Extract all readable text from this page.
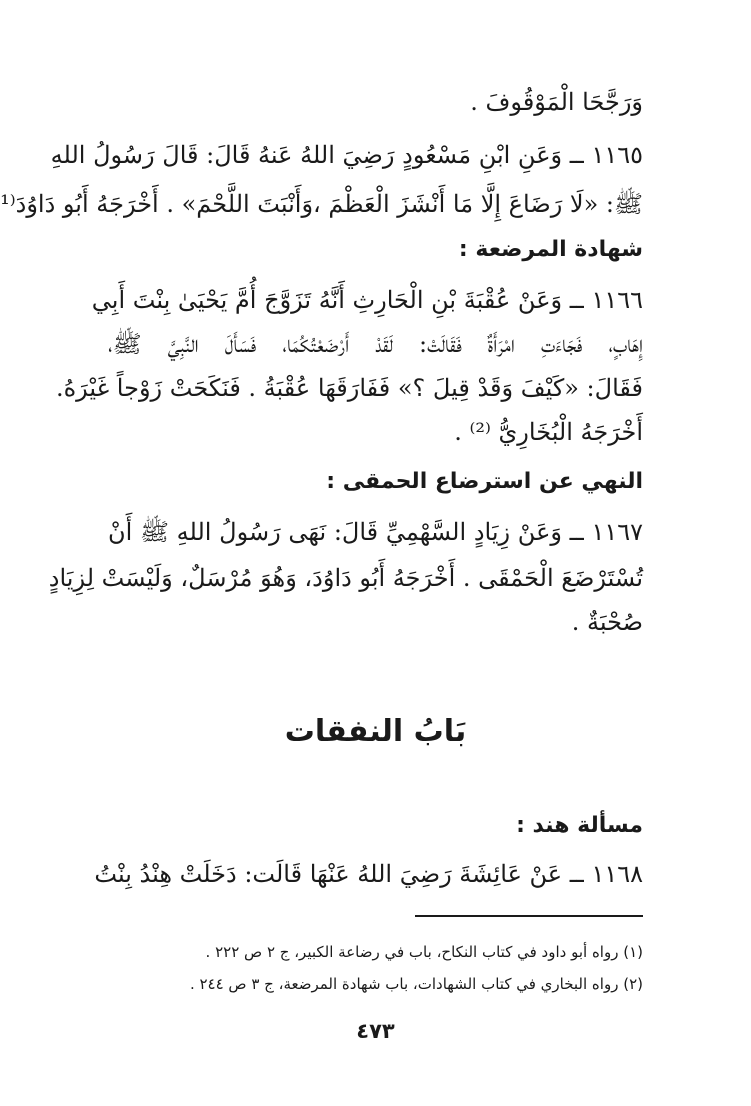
وَرَجَّحَا الْمَوْقُوفَ .
١١٦٥ ــ وَعَنِ ابْنِ مَسْعُودٍ رَضِيَ اللهُ عَنهُ قَالَ: قَالَ رَسُولُ اللهِ
ﷺ: «لَا رَضَاعَ إِلَّا مَا أَنْشَزَ الْعَظْمَ ،وَأَنْبَتَ اللَّحْمَ» . أَخْرَجَهُ أَبُو دَاوُدَ⁽¹
شهادة المرضعة :
١١٦٦ ــ وَعَنْ عُقْبَةَ بْنِ الْحَارِثِ أَنَّهُ تَزَوَّجَ أُمَّ يَحْيَىٰ بِنْتَ أَبِي
إِهَابٍ، فَجَاءَتِ امْرَأَةٌ فَقَالَتْ: لَقَدْ أَرْضَعْتُكُمَا، فَسَأَلَ النَّبِيَّ ﷺ،
فَقَالَ: «كَيْفَ وَقَدْ قِيلَ ؟» فَفَارَقَهَا عُقْبَةُ . فَنَكَحَتْ زَوْجاً غَيْرَهُ.
أَخْرَجَهُ الْبُخَارِيُّ ⁽²⁾ .
النهي عن استرضاع الحمقى :
١١٦٧ ــ وَعَنْ زِيَادٍ السَّهْمِيِّ قَالَ: نَهَى رَسُولُ اللهِ ﷺ أَنْ
تُسْتَرْضَعَ الْحَمْقَى . أَخْرَجَهُ أَبُو دَاوُدَ، وَهُوَ مُرْسَلٌ، وَلَيْسَتْ لِزِيَادٍ
صُحْبَةٌ .
بَابُ النفقات
مسألة هند :
١١٦٨ ــ عَنْ عَائِشَةَ رَضِيَ اللهُ عَنْهَا قَالَت: دَخَلَتْ هِنْدُ بِنْتُ
(١) رواه أبو داود في كتاب النكاح، باب في رضاعة الكبير، ج ٢ ص ٢٢٢ .
(٢) رواه البخاري في كتاب الشهادات، باب شهادة المرضعة، ج ٣ ص ٢٤٤ .
٤٧٣
